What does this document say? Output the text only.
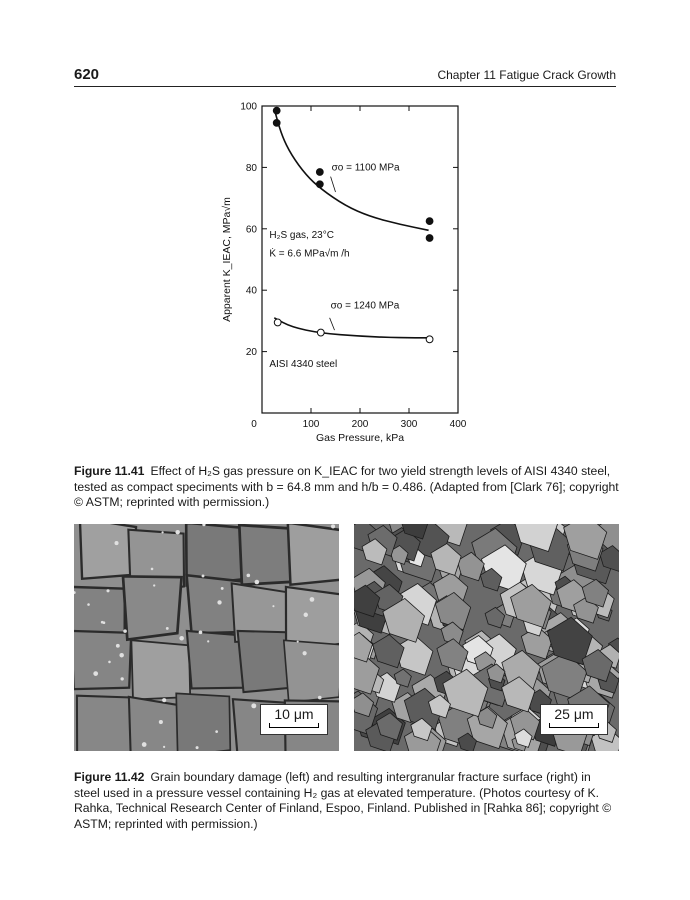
620	Chapter 11 Fatigue Crack Growth
0	100	200	300	400
Gas Pressure, kPa
20
40
60
80
100
Apparent K_IEAC, MPa√m
σo = 1100 MPa
σo = 1240 MPa
H₂S gas, 23°C
K̇ = 6.6 MPa√m /h
AISI 4340 steel
Figure 11.41 Effect of H₂S gas pressure on K_IEAC for two yield strength levels of AISI 4340 steel, tested as compact speciments with b = 64.8 mm and h/b = 0.486. (Adapted from [Clark 76]; copyright © ASTM; reprinted with permission.)
10 μm	25 μm
Figure 11.42 Grain boundary damage (left) and resulting intergranular fracture surface (right) in steel used in a pressure vessel containing H₂ gas at elevated temperature. (Photos courtesy of K. Rahka, Technical Research Center of Finland, Espoo, Finland. Published in [Rahka 86]; copyright © ASTM; reprinted with permission.)
